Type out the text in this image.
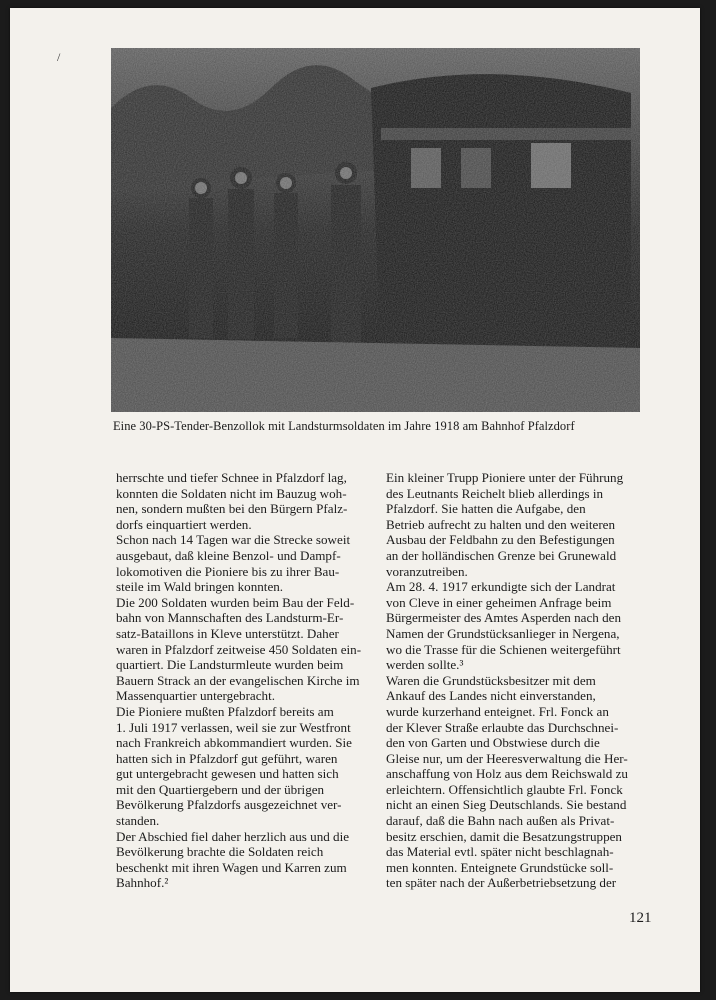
/
Eine 30-PS-Tender-Benzollok mit Landsturmsoldaten im Jahre 1918 am Bahnhof Pfalzdorf

herrschte und tiefer Schnee in Pfalzdorf lag,
konnten die Soldaten nicht im Bauzug woh-
nen, sondern mußten bei den Bürgern Pfalz-
dorfs einquartiert werden.

Schon nach 14 Tagen war die Strecke soweit
ausgebaut, daß kleine Benzol- und Dampf-
lokomotiven die Pioniere bis zu ihrer Bau-
steile im Wald bringen konnten.

Die 200 Soldaten wurden beim Bau der Feld-
bahn von Mannschaften des Landsturm-Er-
satz-Bataillons in Kleve unterstützt. Daher
waren in Pfalzdorf zeitweise 450 Soldaten ein-
quartiert. Die Landsturmleute wurden beim
Bauern Strack an der evangelischen Kirche im
Massenquartier untergebracht.

Die Pioniere mußten Pfalzdorf bereits am
1. Juli 1917 verlassen, weil sie zur Westfront
nach Frankreich abkommandiert wurden. Sie
hatten sich in Pfalzdorf gut geführt, waren
gut untergebracht gewesen und hatten sich
mit den Quartiergebern und der übrigen
Bevölkerung Pfalzdorfs ausgezeichnet ver-
standen.

Der Abschied fiel daher herzlich aus und die
Bevölkerung brachte die Soldaten reich
beschenkt mit ihren Wagen und Karren zum
Bahnhof.²

Ein kleiner Trupp Pioniere unter der Führung
des Leutnants Reichelt blieb allerdings in
Pfalzdorf. Sie hatten die Aufgabe, den
Betrieb aufrecht zu halten und den weiteren
Ausbau der Feldbahn zu den Befestigungen
an der holländischen Grenze bei Grunewald
voranzutreiben.

Am 28. 4. 1917 erkundigte sich der Landrat
von Cleve in einer geheimen Anfrage beim
Bürgermeister des Amtes Asperden nach den
Namen der Grundstücksanlieger in Nergena,
wo die Trasse für die Schienen weitergeführt
werden sollte.³

Waren die Grundstücksbesitzer mit dem
Ankauf des Landes nicht einverstanden,
wurde kurzerhand enteignet. Frl. Fonck an
der Klever Straße erlaubte das Durchschnei-
den von Garten und Obstwiese durch die
Gleise nur, um der Heeresverwaltung die Her-
anschaffung von Holz aus dem Reichswald zu
erleichtern. Offensichtlich glaubte Frl. Fonck
nicht an einen Sieg Deutschlands. Sie bestand
darauf, daß die Bahn nach außen als Privat-
besitz erschien, damit die Besatzungstruppen
das Material evtl. später nicht beschlagnah-
men konnten. Enteignete Grundstücke soll-
ten später nach der Außerbetriebsetzung der

121
